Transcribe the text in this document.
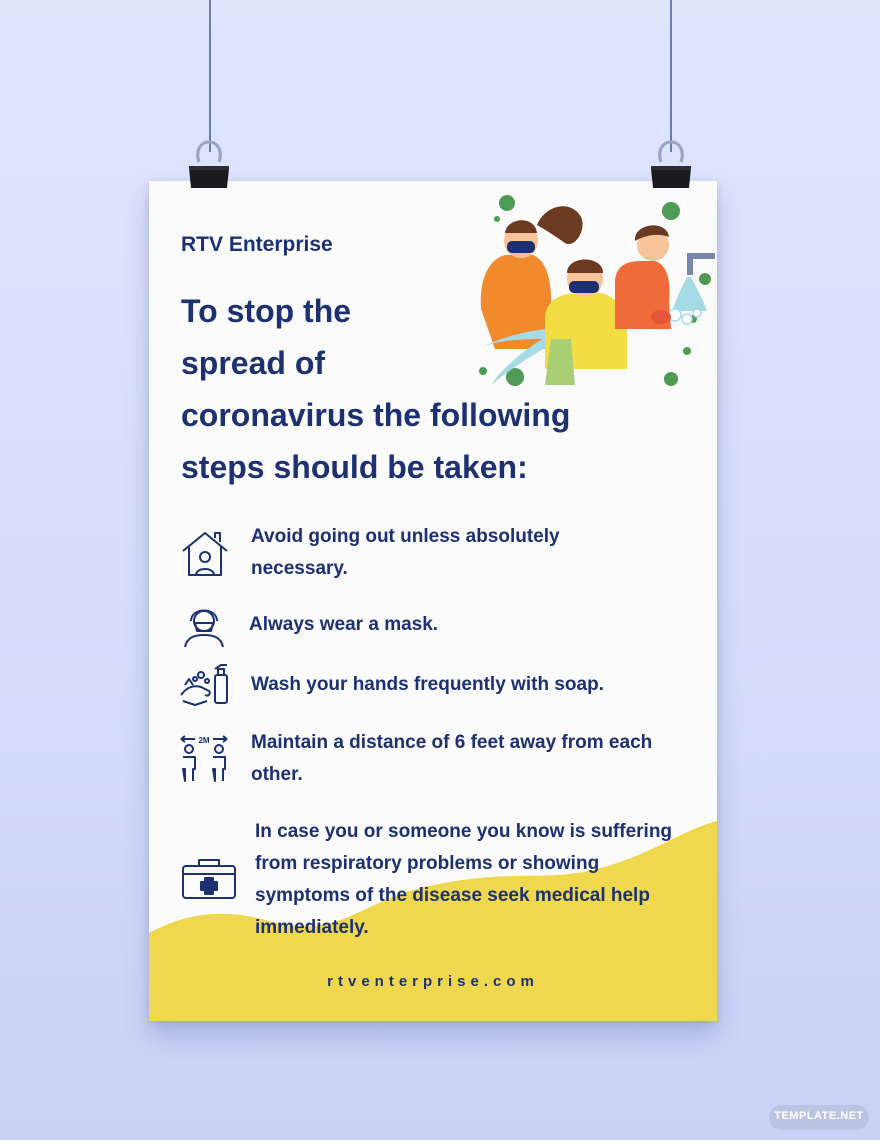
RTV Enterprise
To stop the
spread of
coronavirus the following
steps should be taken:

Avoid going out unless absolutely necessary.

Always wear a mask.

Wash your hands frequently with soap.

2M Maintain a distance of 6 feet away from each other.

In case you or someone you know is suffering from respiratory problems or showing symptoms of the disease seek medical help immediately.

rtventerprise.com

TEMPLATE.NET
